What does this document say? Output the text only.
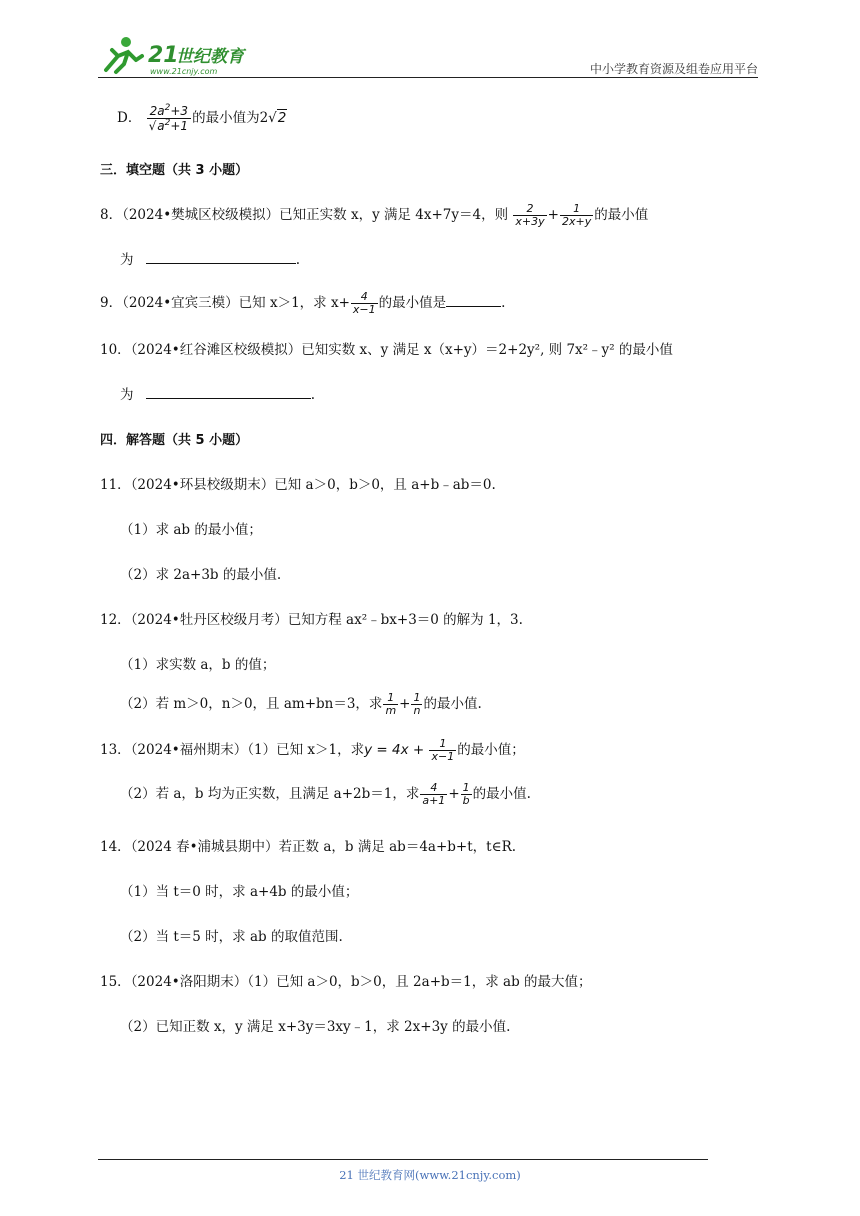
21
世纪教育
www.21cnjy.com	中小学教育资源及组卷应用平台
D． $\frac{2a^2+3}{√a^2+1}$ 的最小值为2√2
三．填空题（共 3 小题）
8．（2024•樊城区校级模拟）已知正实数 x，y 满足 4x+7y＝4，则 $\frac{2}{x+3y} + \frac{1}{2x+y}$ 的最小值
为	.
9．（2024•宜宾三模）已知 x＞1，求 $x+ \frac{4}{x-1}$ 的最小值是	.
10．（2024•红谷滩区校级模拟）已知实数 x、y 满足 x（x+y）＝2+2y², 则 7x²﹣y² 的最小值
为	.
四．解答题（共 5 小题）
11．（2024•环县校级期末）已知 a＞0，b＞0，且 a+b﹣ab＝0.
（1）求 ab 的最小值；
（2）求 2a+3b 的最小值.
12．（2024•牡丹区校级月考）已知方程 ax²﹣bx+3＝0 的解为 1，3.
（1）求实数 a，b 的值；
（2）若 m＞0，n＞0，且 am+bn＝3，求 $\frac{1}{m} + \frac{1}{n}$ 的最小值.
13．（2024•福州期末）（1）已知 x＞1，求$y = 4x + \frac{1}{x-1}$ 的最小值；
（2）若 a，b 均为正实数，且满足 a+2b＝1，求 $\frac{4}{a+1} + \frac{1}{b}$ 的最小值.
14．（2024 春•浦城县期中）若正数 a，b 满足 ab＝4a+b+t，t∈R.
（1）当 t＝0 时，求 a+4b 的最小值；
（2）当 t＝5 时，求 ab 的取值范围.
15．（2024•洛阳期末）（1）已知 a＞0，b＞0，且 2a+b＝1，求 ab 的最大值；
（2）已知正数 x，y 满足 x+3y＝3xy﹣1，求 2x+3y 的最小值.
21 世纪教育网(www.21cnjy.com)
